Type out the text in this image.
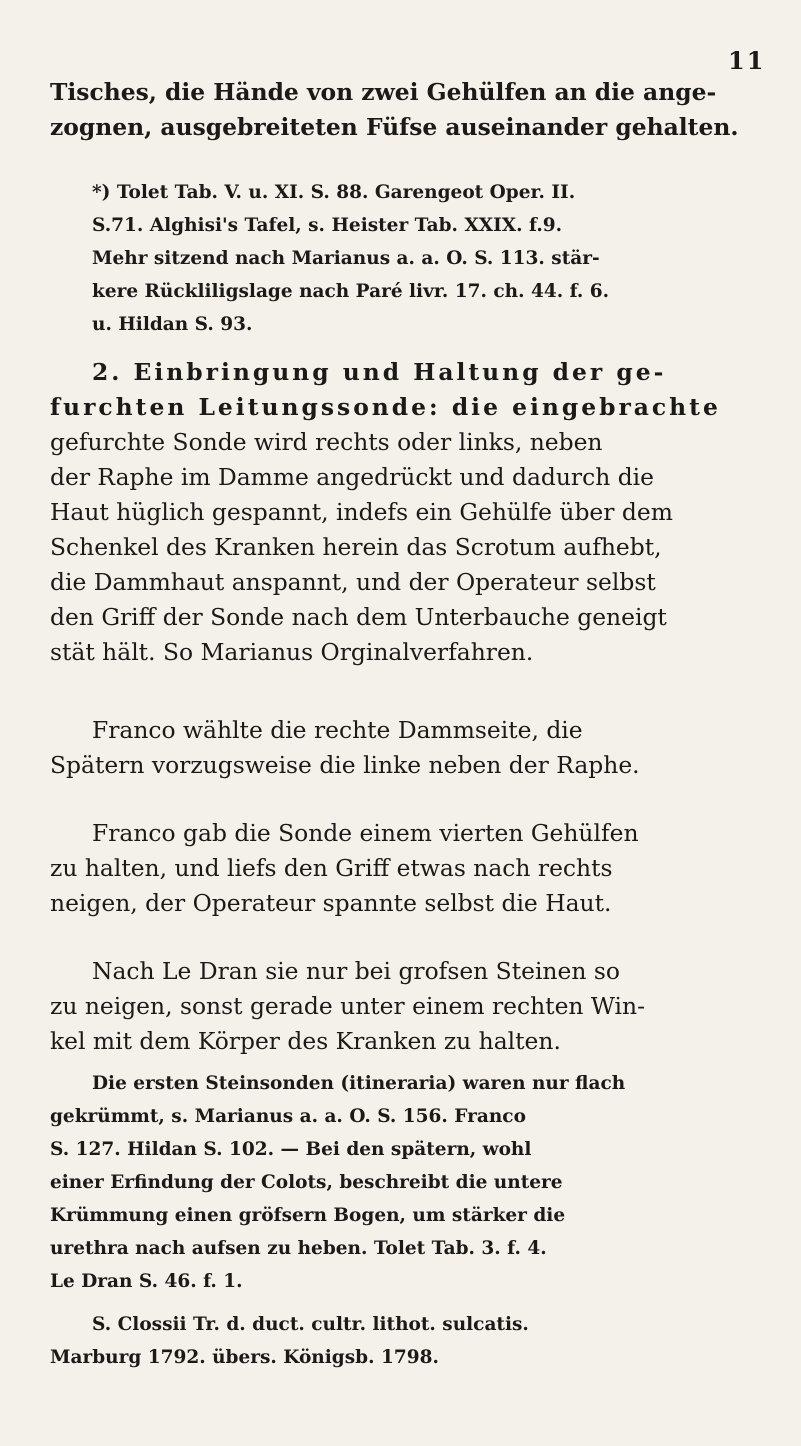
11
Tisches, die Hände von zwei Gehülfen an die ange-
zognen, ausgebreiteten Füfse auseinander gehalten.
*) Tolet Tab. V. u. XI. S. 88. Garengeot Oper. II.
S.71. Alghisi's Tafel, s. Heister Tab. XXIX. f.9.
Mehr sitzend nach Marianus a. a. O. S. 113. stär-
kere Rückliligslage nach Paré livr. 17. ch. 44. f. 6.
u. Hildan S. 93.
2. Einbringung und Haltung der ge-
furchten Leitungssonde: die eingebrachte
gefurchte Sonde wird rechts oder links, neben
der Raphe im Damme angedrückt und dadurch die
Haut hüglich gespannt, indefs ein Gehülfe über dem
Schenkel des Kranken herein das Scrotum aufhebt,
die Dammhaut anspannt, und der Operateur selbst
den Griff der Sonde nach dem Unterbauche geneigt
stät hält. So Marianus Orginalverfahren.
Franco wählte die rechte Dammseite, die
Spätern vorzugsweise die linke neben der Raphe.
Franco gab die Sonde einem vierten Gehülfen
zu halten, und liefs den Griff etwas nach rechts
neigen, der Operateur spannte selbst die Haut.
Nach Le Dran sie nur bei grofsen Steinen so
zu neigen, sonst gerade unter einem rechten Win-
kel mit dem Körper des Kranken zu halten.
Die ersten Steinsonden (itineraria) waren nur flach
gekrümmt, s. Marianus a. a. O. S. 156. Franco
S. 127. Hildan S. 102. — Bei den spätern, wohl
einer Erfindung der Colots, beschreibt die untere
Krümmung einen gröfsern Bogen, um stärker die
urethra nach aufsen zu heben. Tolet Tab. 3. f. 4.
Le Dran S. 46. f. 1.
S. Clossii Tr. d. duct. cultr. lithot. sulcatis.
Marburg 1792. übers. Königsb. 1798.
